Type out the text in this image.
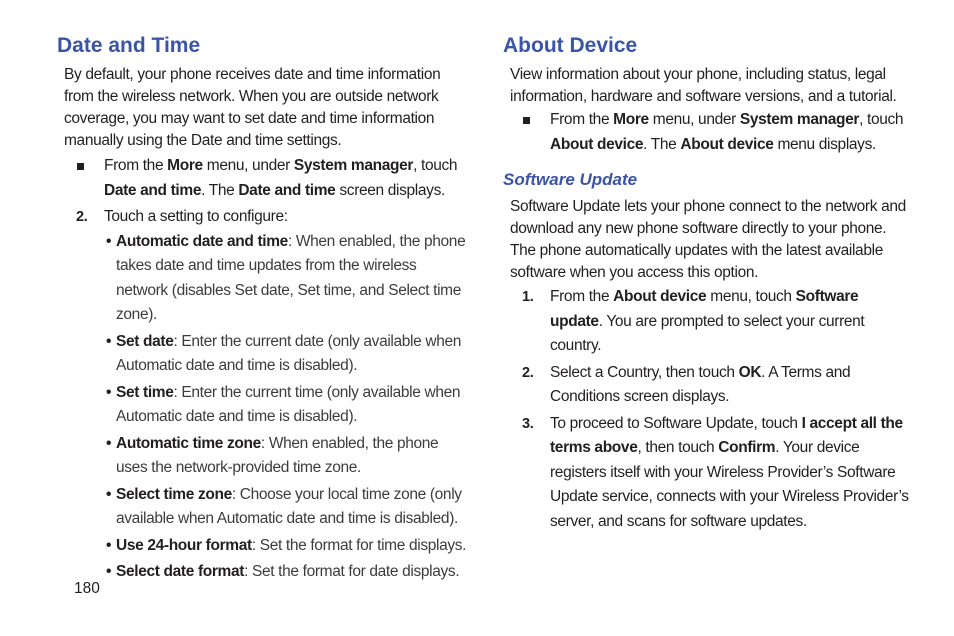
Date and Time

By default, your phone receives date and time information from the wireless network. When you are outside network coverage, you may want to set date and time information manually using the Date and time settings.

From the More menu, under System manager, touch Date and time. The Date and time screen displays.
2. Touch a setting to configure:
• Automatic date and time: When enabled, the phone takes date and time updates from the wireless network (disables Set date, Set time, and Select time zone).
• Set date: Enter the current date (only available when Automatic date and time is disabled).
• Set time: Enter the current time (only available when Automatic date and time is disabled).
• Automatic time zone: When enabled, the phone uses the network-provided time zone.
• Select time zone: Choose your local time zone (only available when Automatic date and time is disabled).
• Use 24-hour format: Set the format for time displays.
• Select date format: Set the format for date displays.
About Device

View information about your phone, including status, legal information, hardware and software versions, and a tutorial.

From the More menu, under System manager, touch About device. The About device menu displays.
Software Update

Software Update lets your phone connect to the network and download any new phone software directly to your phone. The phone automatically updates with the latest available software when you access this option.

1. From the About device menu, touch Software update. You are prompted to select your current country.
2. Select a Country, then touch OK. A Terms and Conditions screen displays.
3. To proceed to Software Update, touch I accept all the terms above, then touch Confirm. Your device registers itself with your Wireless Provider’s Software Update service, connects with your Wireless Provider’s server, and scans for software updates.
180
